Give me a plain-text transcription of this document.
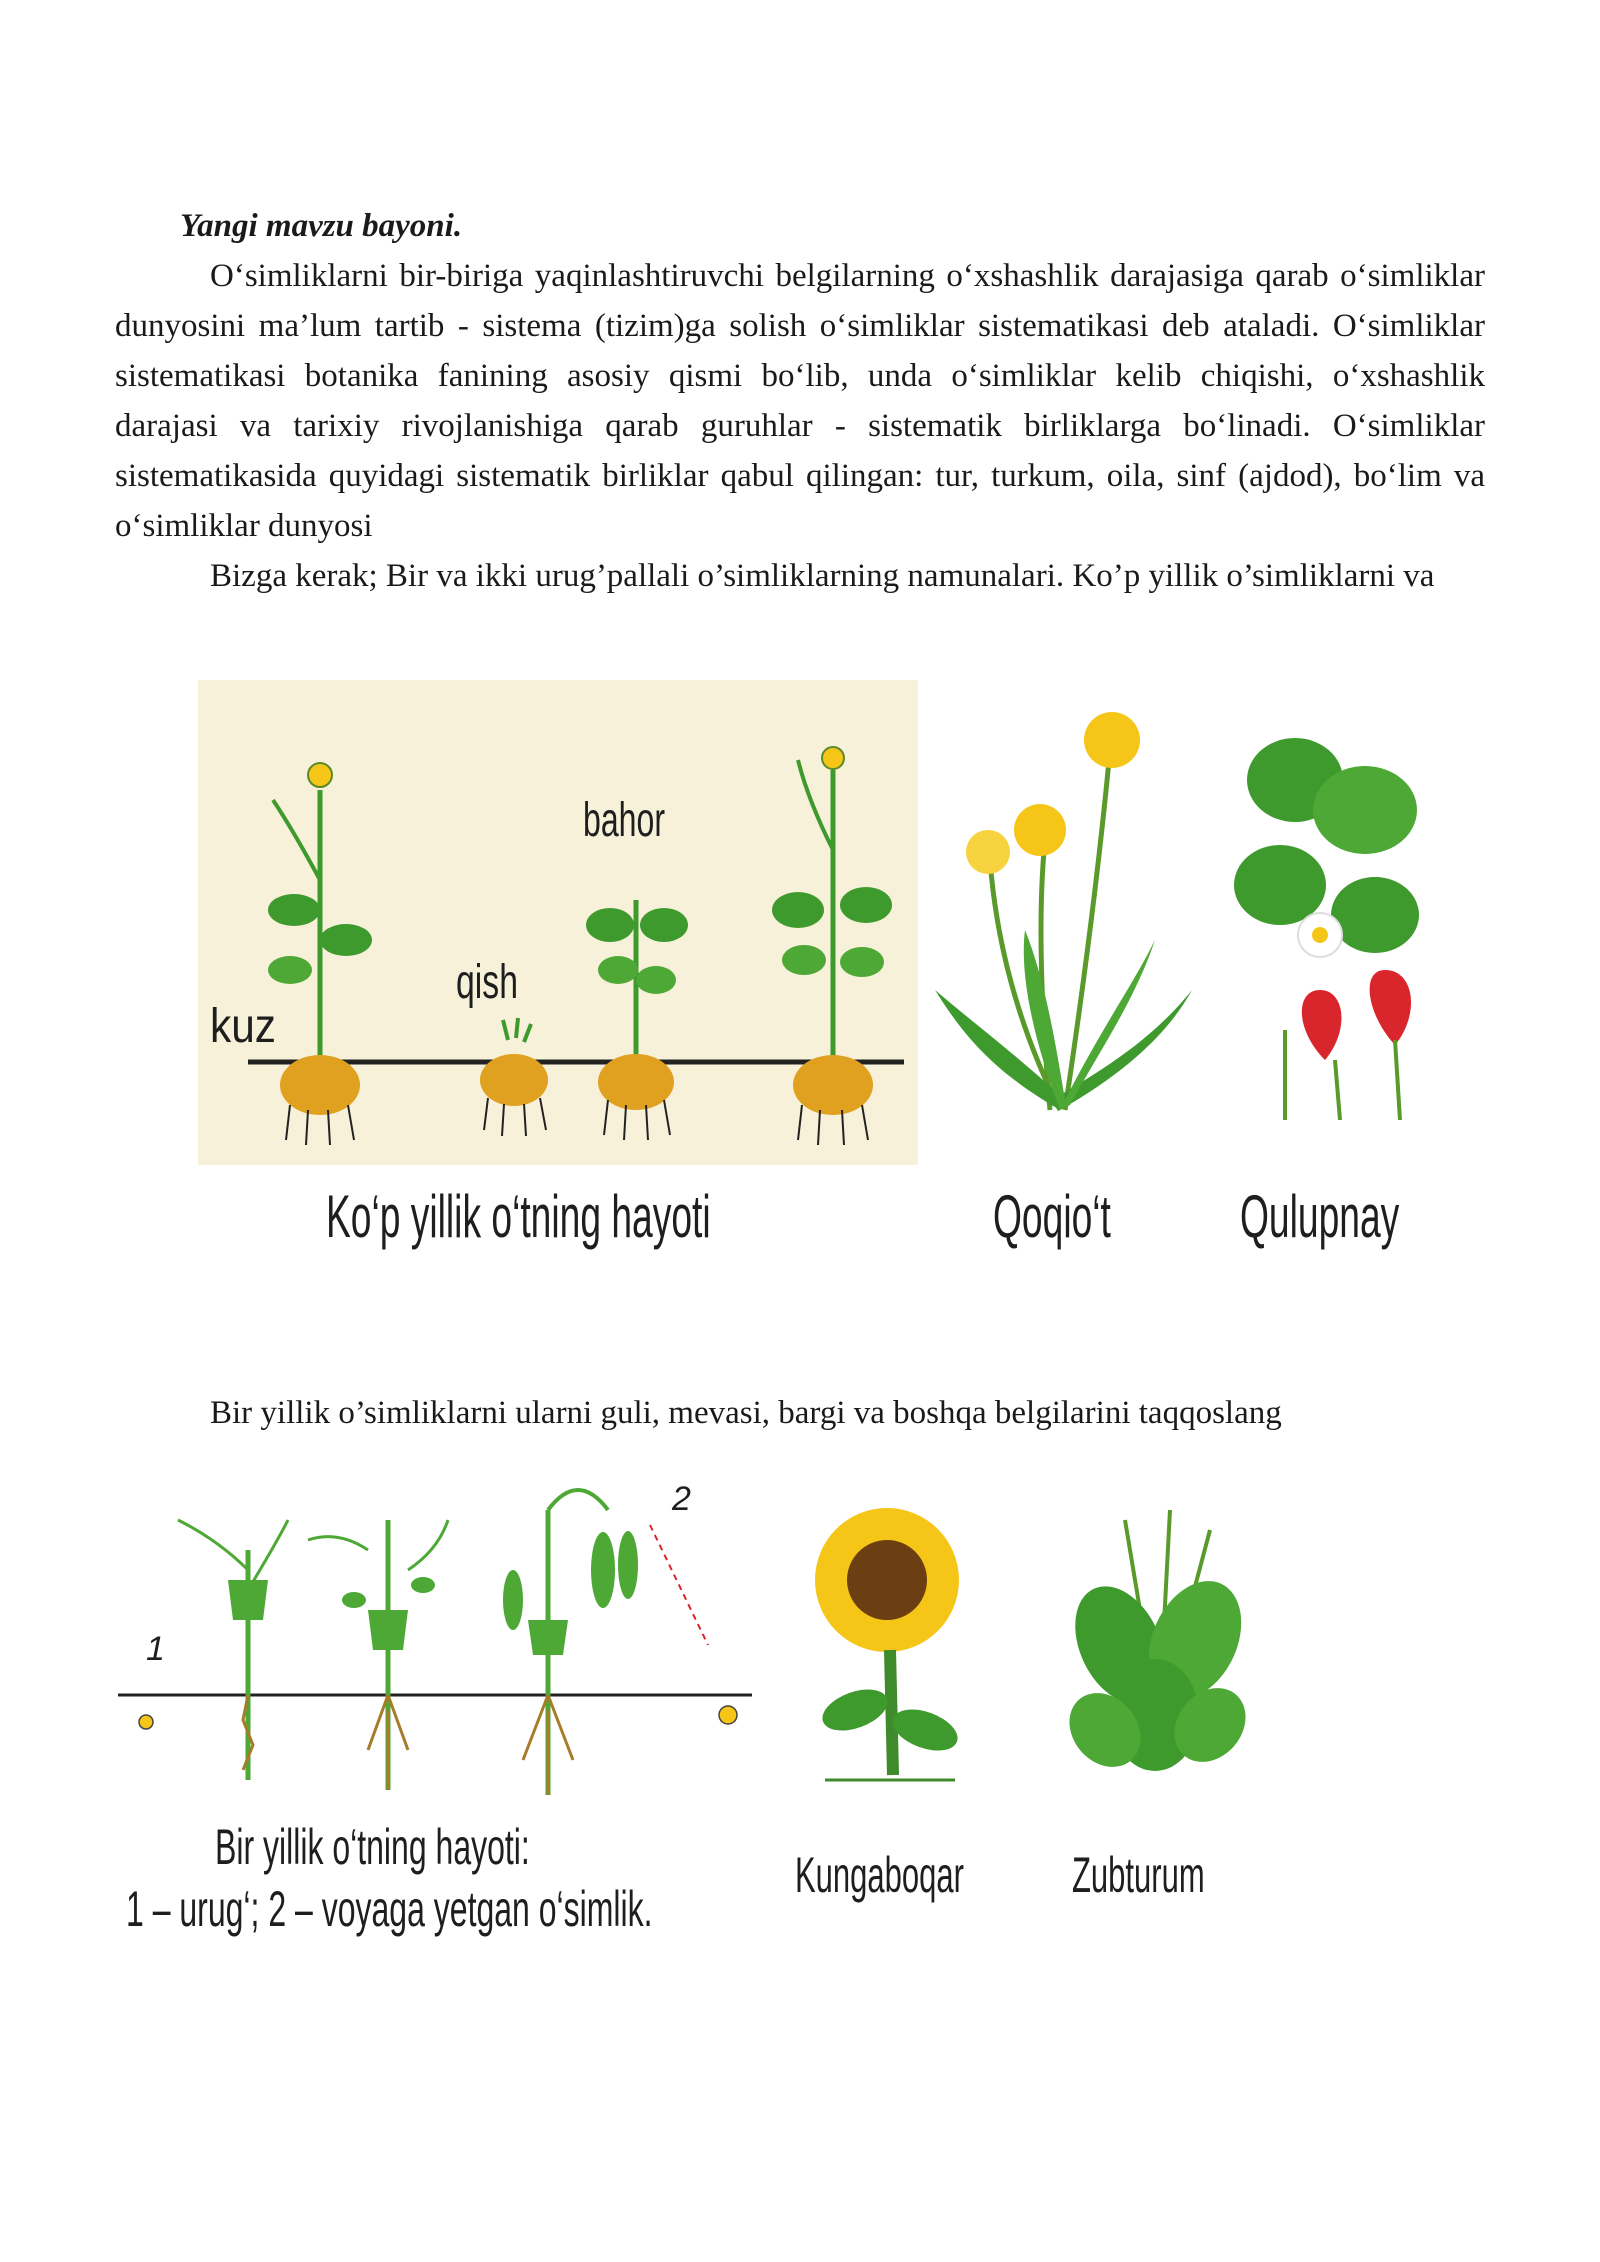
Yangi mavzu bayoni.

O‘simliklarni bir-biriga yaqinlashtiruvchi belgilarning o‘xshashlik darajasiga qarab o‘simliklar dunyosini ma’lum tartib - sistema (tizim)ga solish o‘simliklar sistematikasi deb ataladi. O‘simliklar sistematikasi botanika fanining asosiy qismi bo‘lib, unda o‘simliklar kelib chiqishi, o‘xshashlik darajasi va tarixiy rivojlanishiga qarab guruhlar - sistematik birliklarga bo‘linadi. O‘simliklar sistematikasida quyidagi sistematik birliklar qabul qilingan: tur, turkum, oila, sinf (ajdod), bo‘lim va o‘simliklar dunyosi

Bizga kerak; Bir va ikki urug’pallali o’simliklarning namunalari. Ko’p yillik o’simliklarni va

kuz
qish
bahor
Ko‘p yillik o‘tning hayoti	Qoqio‘t Qulupnay
Bir yillik o’simliklarni ularni guli, mevasi, bargi va boshqa belgilarini taqqoslang
1
2
Bir yillik o‘tning hayoti:
1 – urug‘; 2 – voyaga yetgan o‘simlik.
Kungaboqar Zubturum
